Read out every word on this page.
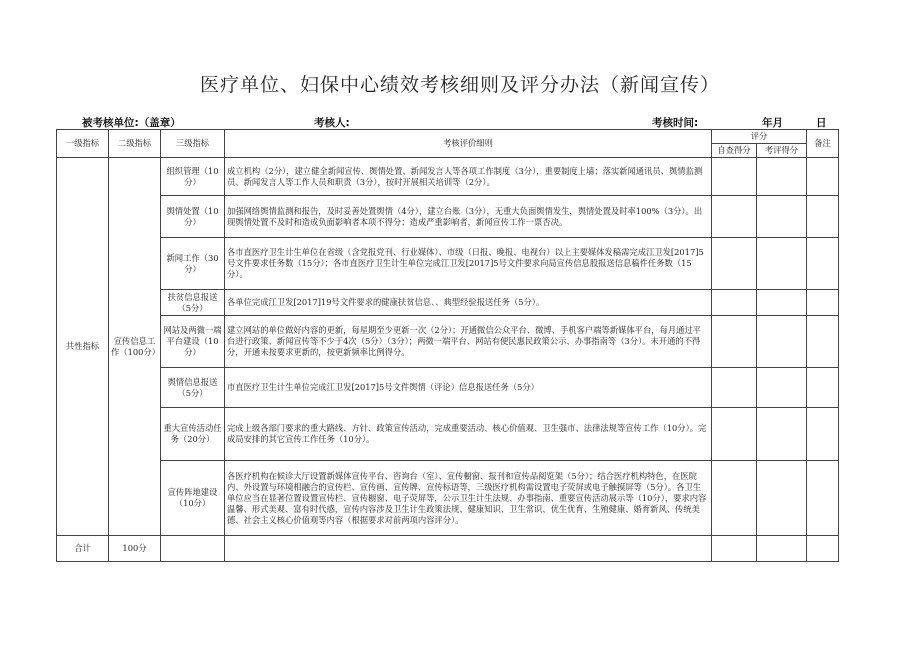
医疗单位、妇保中心绩效考核细则及评分办法（新闻宣传）
被考核单位:（盖章）	考核人:	考核时间:	年月	日
一级指标	二级指标	三级指标	考核评价细则	评分		备注
				自查得分	考评得分	
共性指标	宣传信息工作（100分）	组织管理（10分）	成立机构（2分），建立健全新闻宣传、舆情处置、新闻发言人等各项工作制度（3分），重要制度上墙；落实新闻通讯员、舆情监测员、新闻发言人等工作人员和职责（3分），按时开展相关培训等（2分）。			
		舆情处置（10分）	加强网络舆情监测和报告，及时妥善处置舆情（4分），建立台账（3分），无重大负面舆情发生，舆情处置及时率100%（3分）。出现舆情处置不及时和造成负面影响者本项不得分；造成严重影响者，新闻宣传工作一票否决。			
		新闻工作（30分）	各市直医疗卫生计生单位在省级（含党报党刊、行业媒体）、市级（日报、晚报、电视台）以上主要媒体发稿需完成江卫发[2017]5号文件要求任务数（15分）；各市直医疗卫生计生单位完成江卫发[2017]5号文件要求向局宣传信息股报送信息稿件任务数（15分）。			
		扶贫信息报送（5分）	各单位完成江卫发[2017]19号文件要求的健康扶贫信息、、典型经验报送任务（5分）。			
		网站及两微一端平台建设（10分）	建立网站的单位做好内容的更新，每星期至少更新一次（2分）；开通微信公众平台、微博、手机客户端等新媒体平台，每月通过平台进行政策、新闻宣传等不少于4次（5分）（3分）；两微一端平台、网站有便民惠民政策公示、办事指南等（3分）。未开通的不得分，开通未按要求更新的，按更新频率比例得分。			
		舆情信息报送（5分）	市直医疗卫生计生单位完成江卫发[2017]5号文件舆情（评论）信息报送任务（5分）			
		重大宣传活动任务（20分）	完成上级各部门要求的重大路线、方针、政策宣传活动，完成重要活动、核心价值观、卫生强市、法律法规等宣传工作（10分）。完成局安排的其它宣传工作任务（10分）。			
		宣传阵地建设（10分）	各医疗机构在候诊大厅设置新媒体宣传平台、咨询台（室）、宣传橱窗、报刊和宣传品阅览架（5分）；结合医疗机构特色，在医院内、外设置与环境相融合的宣传栏、宣传画、宣传牌、宣传标语等，三级医疗机构需设置电子荧屏或电子触摸屏等（5分）。各卫生单位应当在显著位置设置宣传栏、宣传橱窗、电子荧屏等，公示卫生计生法规、办事指南、重要宣传活动展示等（10分），要求内容温馨、形式美观、富有时代感，宣传内容涉及卫生计生政策法规、健康知识、卫生常识、优生优育、生殖健康、婚育新风、传统美德、社会主义核心价值观等内容（根据要求对前两项内容评分）。			
合计	100分					
